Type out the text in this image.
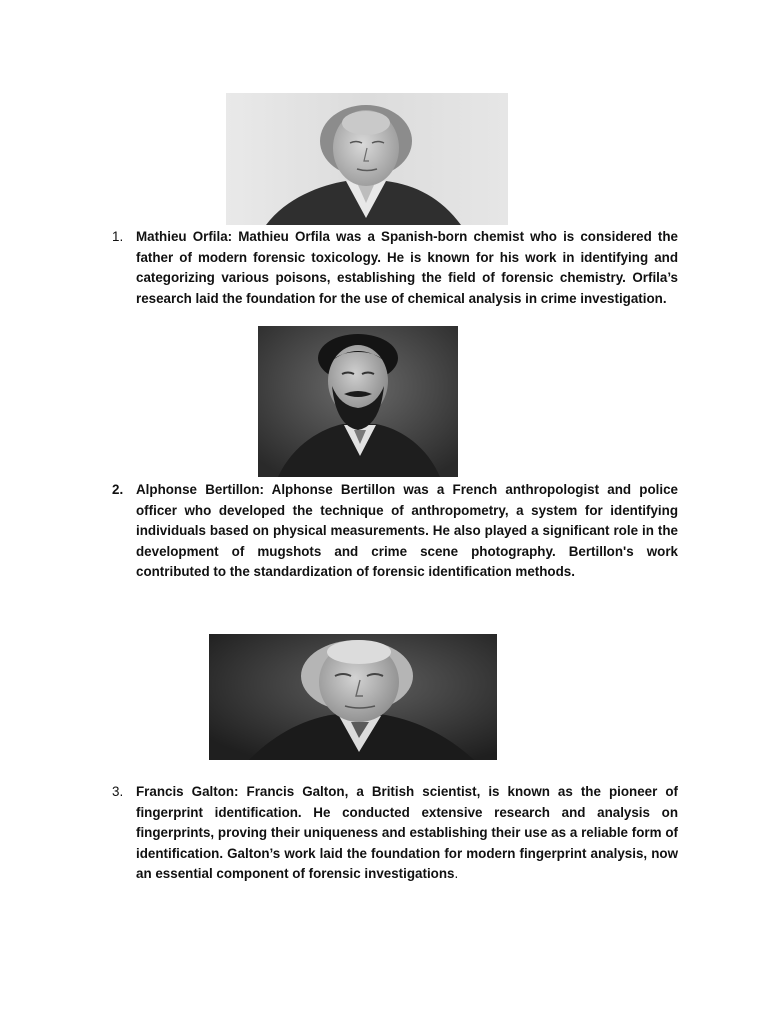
1. Mathieu Orfila: Mathieu Orfila was a Spanish-born chemist who is considered the father of modern forensic toxicology. He is known for his work in identifying and categorizing various poisons, establishing the field of forensic chemistry. Orfila’s research laid the foundation for the use of chemical analysis in crime investigation.
2. Alphonse Bertillon: Alphonse Bertillon was a French anthropologist and police officer who developed the technique of anthropometry, a system for identifying individuals based on physical measurements. He also played a significant role in the development of mugshots and crime scene photography. Bertillon's work contributed to the standardization of forensic identification methods.
3. Francis Galton: Francis Galton, a British scientist, is known as the pioneer of fingerprint identification. He conducted extensive research and analysis on fingerprints, proving their uniqueness and establishing their use as a reliable form of identification. Galton’s work laid the foundation for modern fingerprint analysis, now an essential component of forensic investigations.
